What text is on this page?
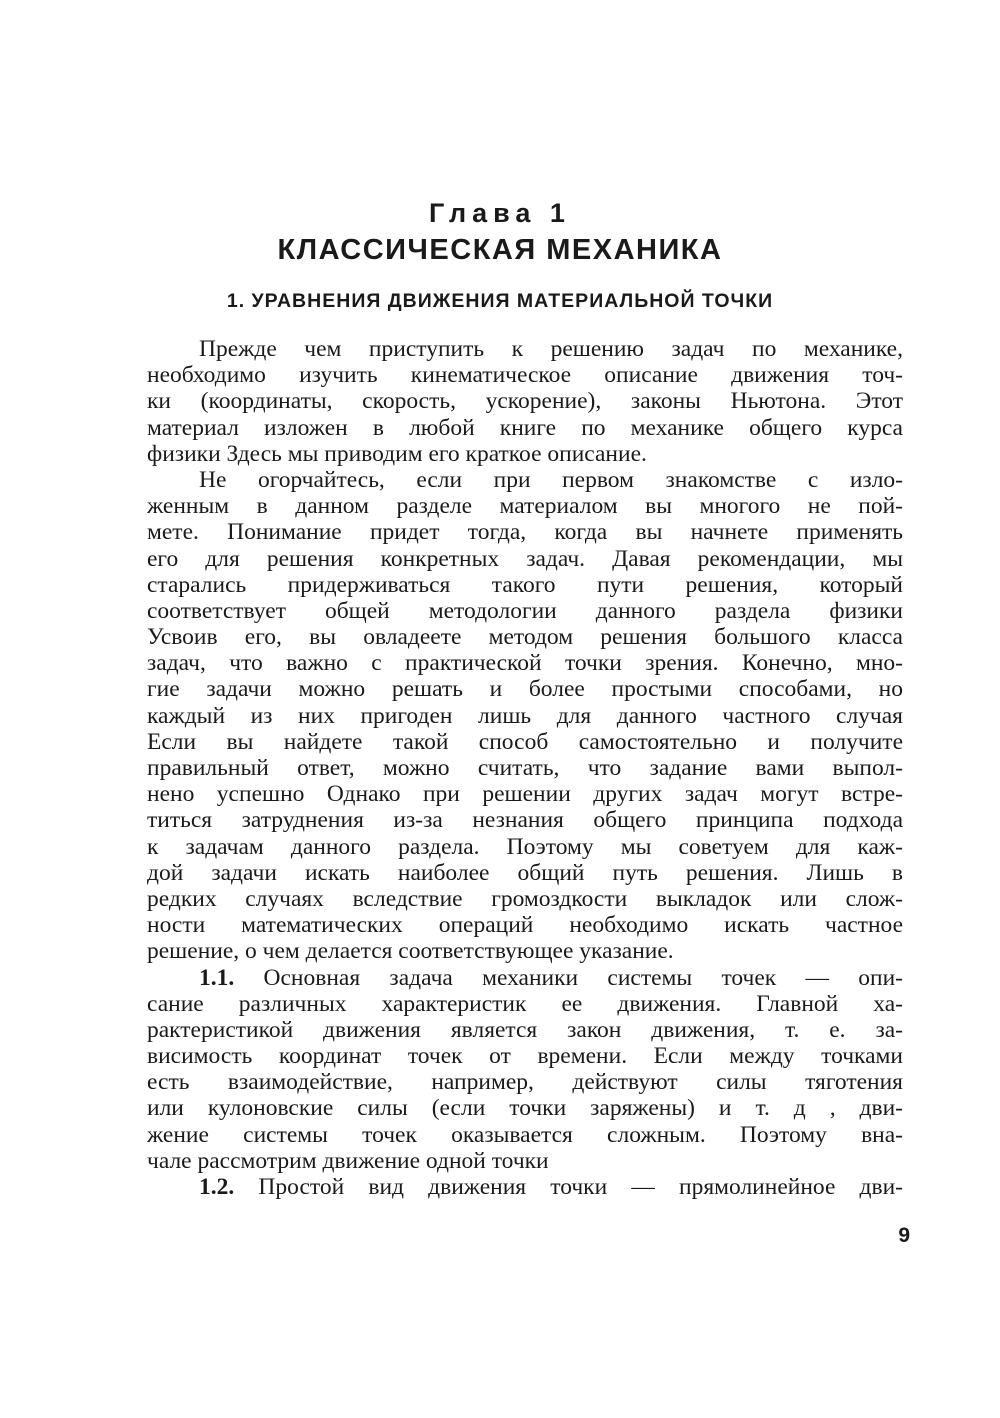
Глава 1
КЛАССИЧЕСКАЯ МЕХАНИКА
1. УРАВНЕНИЯ ДВИЖЕНИЯ МАТЕРИАЛЬНОЙ ТОЧКИ
Прежде чем приступить к решению задач по механике,
необходимо изучить кинематическое описание движения точ-
ки (координаты, скорость, ускорение), законы Ньютона. Этот
материал изложен в любой книге по механике общего курса
физики Здесь мы приводим его краткое описание.
Не огорчайтесь, если при первом знакомстве с изло-
женным в данном разделе материалом вы многого не пой-
мете. Понимание придет тогда, когда вы начнете применять
его для решения конкретных задач. Давая рекомендации, мы
старались придерживаться такого пути решения, который
соответствует общей методологии данного раздела физики
Усвоив его, вы овладеете методом решения большого класса
задач, что важно с практической точки зрения. Конечно, мно-
гие задачи можно решать и более простыми способами, но
каждый из них пригоден лишь для данного частного случая
Если вы найдете такой способ самостоятельно и получите
правильный ответ, можно считать, что задание вами выпол-
нено успешно Однако при решении других задач могут встре-
титься затруднения из-за незнания общего принципа подхода
к задачам данного раздела. Поэтому мы советуем для каж-
дой задачи искать наиболее общий путь решения. Лишь в
редких случаях вследствие громоздкости выкладок или слож-
ности математических операций необходимо искать частное
решение, о чем делается соответствующее указание.
1.1. Основная задача механики системы точек — опи-
сание различных характеристик ее движения. Главной ха-
рактеристикой движения является закон движения, т. е. за-
висимость координат точек от времени. Если между точками
есть взаимодействие, например, действуют силы тяготения
или кулоновские силы (если точки заряжены) и т. д , дви-
жение системы точек оказывается сложным. Поэтому вна-
чале рассмотрим движение одной точки
1.2. Простой вид движения точки — прямолинейное дви-
9
